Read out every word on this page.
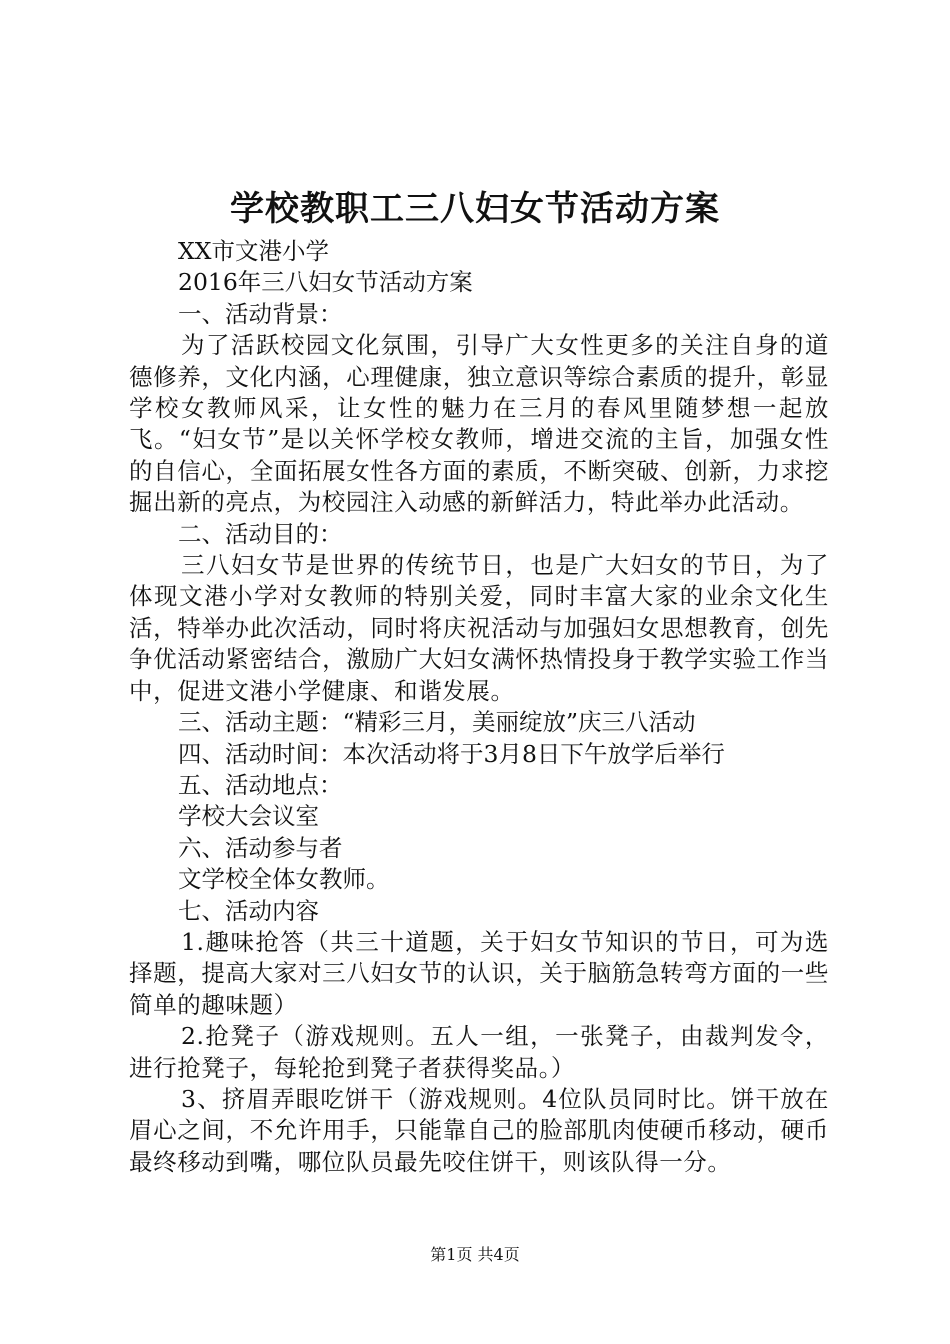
学校教职工三八妇女节活动方案

XX市文港小学

2016年三八妇女节活动方案

一、活动背景：

为了活跃校园文化氛围，引导广大女性更多的关注自身的道德修养，文化内涵，心理健康，独立意识等综合素质的提升，彰显学校女教师风采，让女性的魅力在三月的春风里随梦想一起放飞。“妇女节”是以关怀学校女教师，增进交流的主旨，加强女性的自信心，全面拓展女性各方面的素质，不断突破、创新，力求挖掘出新的亮点，为校园注入动感的新鲜活力，特此举办此活动。

二、活动目的：

三八妇女节是世界的传统节日，也是广大妇女的节日，为了体现文港小学对女教师的特别关爱，同时丰富大家的业余文化生活，特举办此次活动，同时将庆祝活动与加强妇女思想教育，创先争优活动紧密结合，激励广大妇女满怀热情投身于教学实验工作当中，促进文港小学健康、和谐发展。

三、活动主题：“精彩三月，美丽绽放”庆三八活动

四、活动时间：本次活动将于3月8日下午放学后举行

五、活动地点：

学校大会议室

六、活动参与者

文学校全体女教师。

七、活动内容

1.趣味抢答（共三十道题，关于妇女节知识的节日，可为选择题，提高大家对三八妇女节的认识，关于脑筋急转弯方面的一些简单的趣味题）

2.抢凳子（游戏规则。五人一组，一张凳子，由裁判发令，进行抢凳子，每轮抢到凳子者获得奖品。）

3、挤眉弄眼吃饼干（游戏规则。4位队员同时比。饼干放在眉心之间，不允许用手，只能靠自己的脸部肌肉使硬币移动，硬币最终移动到嘴，哪位队员最先咬住饼干，则该队得一分。

第1页 共4页
